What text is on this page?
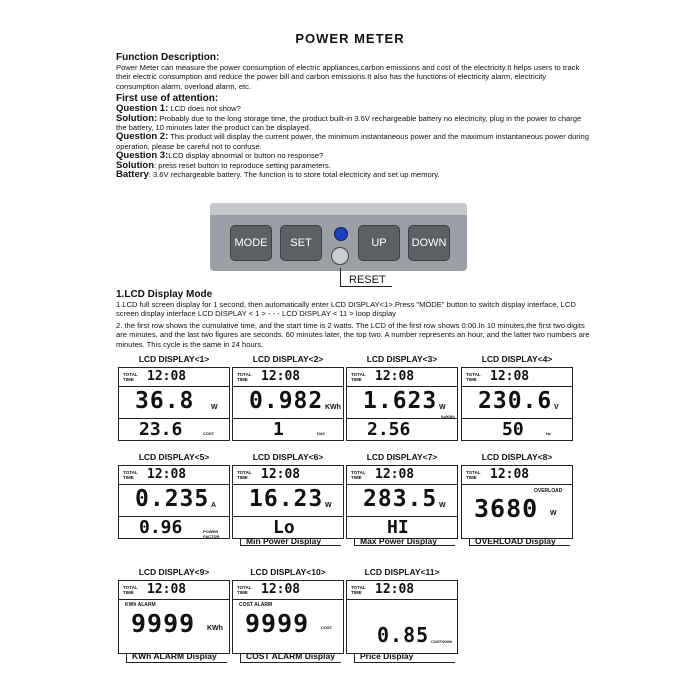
POWER METER
Function Description:
Power Meter can measure the power consumption of electric appliances,carbon emissions and cost of the electricity.It helps users to track their electric consumption and reduce the power bill and carbon emissions.It also has the functions of electricity alarm, electricity consumption alarm, overload alarm, etc.
First use of attention:
Question 1: LCD does not show?
Solution: Probably due to the long storage time, the product built-in 3.6V rechargeable battery no electricity, plug in the power to charge the battery, 10 minutes later the product can be displayed.
Question 2: This product will display the current power, the minimum instantaneous power and the maximum instantaneous power during operation, please be careful not to confuse.
Question 3:LCD display abnormal or button no response?
Solution: press reset button to reproduce setting parameters.
Battery: 3.6V rechargeable battery. The function is to store total electricity and set up memory.
MODE	SET	UP	DOWN
RESET
1.LCD Display Mode
1.LCD full screen display for 1 second, then automatically enter LCD DISPLAY<1>.Press "MODE" button to switch display interface, LCD screen display interface LCD DISPLAY < 1 > - - - LCD DISPLAY < 11 > loop display
2. the first row shows the cumulative time, and the start time is 2 watts. The LCD of the first row shows 0:00.In 10 minutes,the first two digits are minutes, and the last two figures are seconds. 60 minutes later, the top two. A number represents an hour, and the latter two numbers are minutes. This cycle is the same in 24 hours.
LCD DISPLAY<1>
TOTAL
TIME 12:08
36.8 W
23.6	COST
LCD DISPLAY<2>
TOTAL
TIME 12:08
0.982 KWh
1	DAY
LCD DISPLAY<3>
TOTAL
TIME 12:08
1.623 W
Kg/KWh
2.56
LCD DISPLAY<4>
TOTAL
TIME 12:08
230.6 V
50	Hz
LCD DISPLAY<5>
TOTAL
TIME 12:08
0.235 A
0.96	POWER FACTOR
LCD DISPLAY<6>
TOTAL
TIME 12:08
16.23 W
Lo
Min Power Display
LCD DISPLAY<7>
TOTAL
TIME 12:08
283.5 W
HI
Max Power Display
LCD DISPLAY<8>
TOTAL
TIME 12:08
OVERLOAD
3680 W
OVERLOAD Display
LCD DISPLAY<9>
TOTAL
TIME 12:08
KWh ALARM
9999 KWh
KWh ALARM Display
LCD DISPLAY<10>
TOTAL
TIME 12:08
COST ALARM
9999	COST
COST ALARM Display
LCD DISPLAY<11>
TOTAL
TIME 12:08
0.85 COST/KWh
Price Display
